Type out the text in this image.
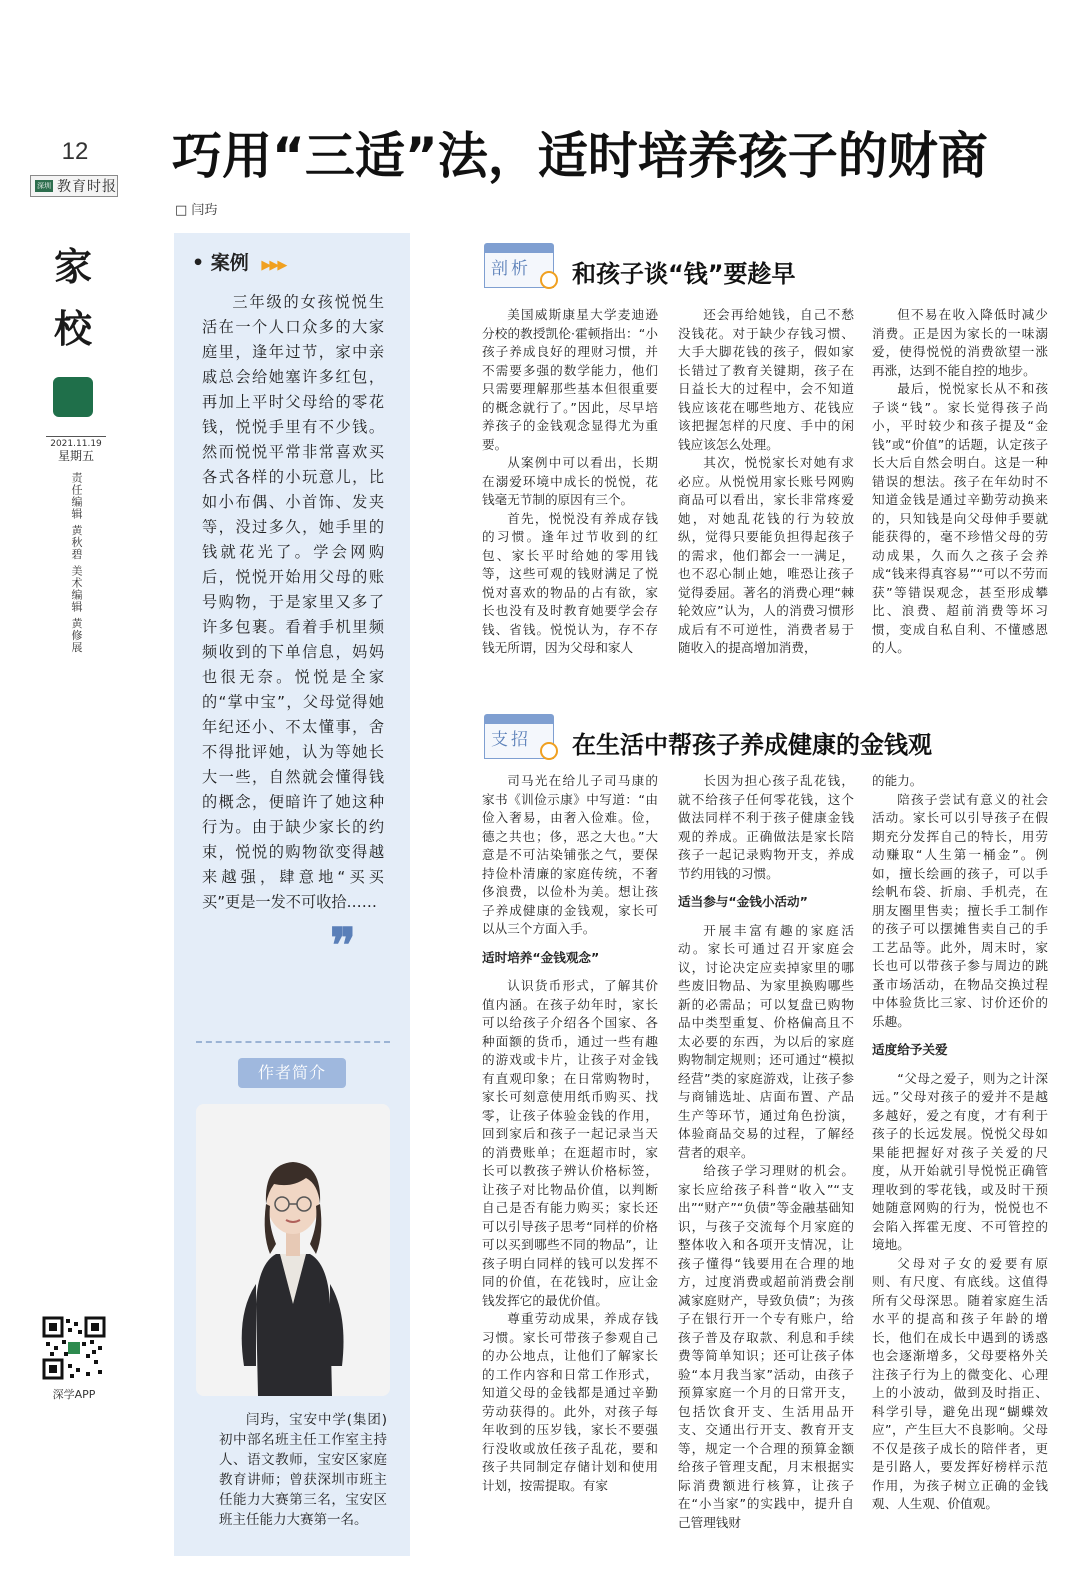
12
深圳 教育时报
家
校
2021.11.19
星期五
责任编辑 黄秋碧 美术编辑 黄修展
深学APP
巧用“三适”法，适时培养孩子的财商
□ 闫玙
• 案例 ▶▶▶
三年级的女孩悦悦生活在一个人口众多的大家庭里，逢年过节，家中亲戚总会给她塞许多红包，再加上平时父母给的零花钱，悦悦手里有不少钱。然而悦悦平常非常喜欢买各式各样的小玩意儿，比如小布偶、小首饰、发夹等，没过多久，她手里的钱就花光了。学会网购后，悦悦开始用父母的账号购物，于是家里又多了许多包裹。看着手机里频频收到的下单信息，妈妈也很无奈。悦悦是全家的“掌中宝”，父母觉得她年纪还小、不太懂事，舍不得批评她，认为等她长大一些，自然就会懂得钱的概念，便暗许了她这种行为。由于缺少家长的约束，悦悦的购物欲变得越来越强，肆意地“买买买”更是一发不可收拾……
❞
作者简介
闫玙，宝安中学(集团)初中部名班主任工作室主持人、语文教师，宝安区家庭教育讲师；曾获深圳市班主任能力大赛第三名，宝安区班主任能力大赛第一名。
剖析	和孩子谈“钱”要趁早

美国威斯康星大学麦迪逊分校的教授凯伦·霍顿指出：“小孩子养成良好的理财习惯，并不需要多强的数学能力，他们只需要理解那些基本但很重要的概念就行了。”因此，尽早培养孩子的金钱观念显得尤为重要。

从案例中可以看出，长期在溺爱环境中成长的悦悦，花钱毫无节制的原因有三个。

首先，悦悦没有养成存钱的习惯。逢年过节收到的红包、家长平时给她的零用钱等，这些可观的钱财满足了悦悦对喜欢的物品的占有欲，家长也没有及时教育她要学会存钱、省钱。悦悦认为，存不存钱无所谓，因为父母和家人

还会再给她钱，自己不愁没钱花。对于缺少存钱习惯、大手大脚花钱的孩子，假如家长错过了教育关键期，孩子在日益长大的过程中，会不知道钱应该花在哪些地方、花钱应该把握怎样的尺度、手中的闲钱应该怎么处理。

其次，悦悦家长对她有求必应。从悦悦用家长账号网购商品可以看出，家长非常疼爱她，对她乱花钱的行为较放纵，觉得只要能负担得起孩子的需求，他们都会一一满足，也不忍心制止她，唯恐让孩子觉得委屈。著名的消费心理“棘轮效应”认为，人的消费习惯形成后有不可逆性，消费者易于随收入的提高增加消费，

但不易在收入降低时减少消费。正是因为家长的一味溺爱，使得悦悦的消费欲望一涨再涨，达到不能自控的地步。

最后，悦悦家长从不和孩子谈“钱”。家长觉得孩子尚小，平时较少和孩子提及“金钱”或“价值”的话题，认定孩子长大后自然会明白。这是一种错误的想法。孩子在年幼时不知道金钱是通过辛勤劳动换来的，只知钱是向父母伸手要就能获得的，毫不珍惜父母的劳动成果，久而久之孩子会养成“钱来得真容易”“可以不劳而获”等错误观念，甚至形成攀比、浪费、超前消费等坏习惯，变成自私自利、不懂感恩的人。

支招	在生活中帮孩子养成健康的金钱观

司马光在给儿子司马康的家书《训俭示康》中写道：“由俭入奢易，由奢入俭难。俭，德之共也；侈，恶之大也。”大意是不可沾染铺张之气，要保持俭朴清廉的家庭传统，不奢侈浪费，以俭朴为美。想让孩子养成健康的金钱观，家长可以从三个方面入手。

适时培养“金钱观念”

认识货币形式，了解其价值内涵。在孩子幼年时，家长可以给孩子介绍各个国家、各种面额的货币，通过一些有趣的游戏或卡片，让孩子对金钱有直观印象；在日常购物时，家长可刻意使用纸币购买、找零，让孩子体验金钱的作用，回到家后和孩子一起记录当天的消费账单；在逛超市时，家长可以教孩子辨认价格标签，让孩子对比物品价值，以判断自己是否有能力购买；家长还可以引导孩子思考“同样的价格可以买到哪些不同的物品”，让孩子明白同样的钱可以发挥不同的价值，在花钱时，应让金钱发挥它的最优价值。

尊重劳动成果，养成存钱习惯。家长可带孩子参观自己的办公地点，让他们了解家长的工作内容和日常工作形式，知道父母的金钱都是通过辛勤劳动获得的。此外，对孩子每年收到的压岁钱，家长不要强行没收或放任孩子乱花，要和孩子共同制定存储计划和使用计划，按需提取。有家

长因为担心孩子乱花钱，就不给孩子任何零花钱，这个做法同样不利于孩子健康金钱观的养成。正确做法是家长陪孩子一起记录购物开支，养成节约用钱的习惯。

适当参与“金钱小活动”

开展丰富有趣的家庭活动。家长可通过召开家庭会议，讨论决定应卖掉家里的哪些废旧物品、为家里换购哪些新的必需品；可以复盘已购物品中类型重复、价格偏高且不太必要的东西，为以后的家庭购物制定规则；还可通过“模拟经营”类的家庭游戏，让孩子参与商铺选址、店面布置、产品生产等环节，通过角色扮演，体验商品交易的过程，了解经营者的艰辛。

给孩子学习理财的机会。家长应给孩子科普“收入”“支出”“财产”“负债”等金融基础知识，与孩子交流每个月家庭的整体收入和各项开支情况，让孩子懂得“钱要用在合理的地方，过度消费或超前消费会削减家庭财产，导致负债”；为孩子在银行开一个专有账户，给孩子普及存取款、利息和手续费等简单知识；还可让孩子体验“本月我当家”活动，由孩子预算家庭一个月的日常开支，包括饮食开支、生活用品开支、交通出行开支、教育开支等，规定一个合理的预算金额给孩子管理支配，月末根据实际消费额进行核算，让孩子在“小当家”的实践中，提升自己管理钱财

的能力。

陪孩子尝试有意义的社会活动。家长可以引导孩子在假期充分发挥自己的特长，用劳动赚取“人生第一桶金”。例如，擅长绘画的孩子，可以手绘帆布袋、折扇、手机壳，在朋友圈里售卖；擅长手工制作的孩子可以摆摊售卖自己的手工艺品等。此外，周末时，家长也可以带孩子参与周边的跳蚤市场活动，在物品交换过程中体验货比三家、讨价还价的乐趣。

适度给予关爱

“父母之爱子，则为之计深远。”父母对孩子的爱并不是越多越好，爱之有度，才有利于孩子的长远发展。悦悦父母如果能把握好对孩子关爱的尺度，从开始就引导悦悦正确管理收到的零花钱，或及时干预她随意网购的行为，悦悦也不会陷入挥霍无度、不可管控的境地。

父母对子女的爱要有原则、有尺度、有底线。这值得所有父母深思。随着家庭生活水平的提高和孩子年龄的增长，他们在成长中遇到的诱惑也会逐渐增多，父母要格外关注孩子行为上的微变化、心理上的小波动，做到及时指正、科学引导，避免出现“蝴蝶效应”，产生巨大不良影响。父母不仅是孩子成长的陪伴者，更是引路人，要发挥好榜样示范作用，为孩子树立正确的金钱观、人生观、价值观。
